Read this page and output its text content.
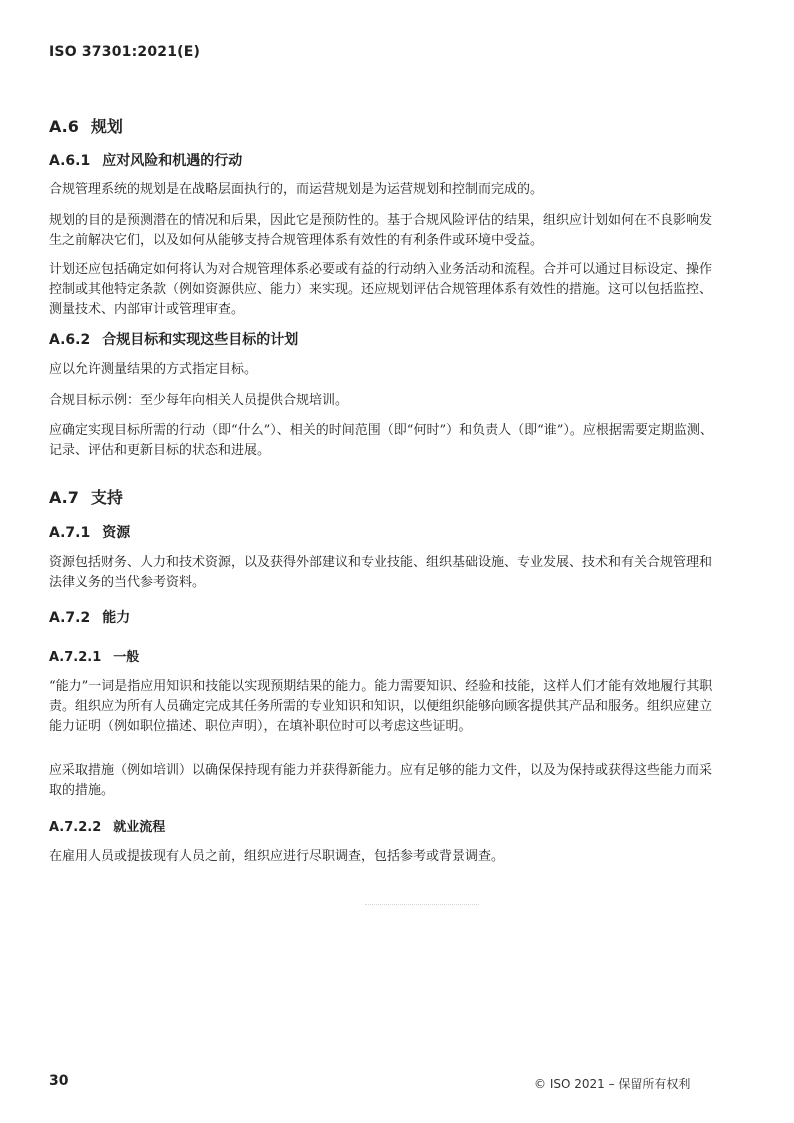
ISO 37301:2021(E)
A.6 规划
A.6.1 应对风险和机遇的行动
合规管理系统的规划是在战略层面执行的，而运营规划是为运营规划和控制而完成的。
规划的目的是预测潜在的情况和后果，因此它是预防性的。基于合规风险评估的结果，组织应计划如何在不良影响发生之前解决它们，以及如何从能够支持合规管理体系有效性的有利条件或环境中受益。
计划还应包括确定如何将认为对合规管理体系必要或有益的行动纳入业务活动和流程。合并可以通过目标设定、操作控制或其他特定条款（例如资源供应、能力）来实现。还应规划评估合规管理体系有效性的措施。这可以包括监控、测量技术、内部审计或管理审查。
A.6.2 合规目标和实现这些目标的计划
应以允许测量结果的方式指定目标。
合规目标示例：至少每年向相关人员提供合规培训。
应确定实现目标所需的行动（即“什么”）、相关的时间范围（即“何时”）和负责人（即“谁”）。应根据需要定期监测、记录、评估和更新目标的状态和进展。
A.7 支持
A.7.1 资源
资源包括财务、人力和技术资源，以及获得外部建议和专业技能、组织基础设施、专业发展、技术和有关合规管理和法律义务的当代参考资料。
A.7.2 能力
A.7.2.1 一般
“能力”一词是指应用知识和技能以实现预期结果的能力。能力需要知识、经验和技能，这样人们才能有效地履行其职责。组织应为所有人员确定完成其任务所需的专业知识和知识，以便组织能够向顾客提供其产品和服务。组织应建立能力证明（例如职位描述、职位声明），在填补职位时可以考虑这些证明。
应采取措施（例如培训）以确保保持现有能力并获得新能力。应有足够的能力文件，以及为保持或获得这些能力而采取的措施。
A.7.2.2 就业流程
在雇用人员或提拔现有人员之前，组织应进行尽职调查，包括参考或背景调查。
30	© ISO 2021 – 保留所有权利
